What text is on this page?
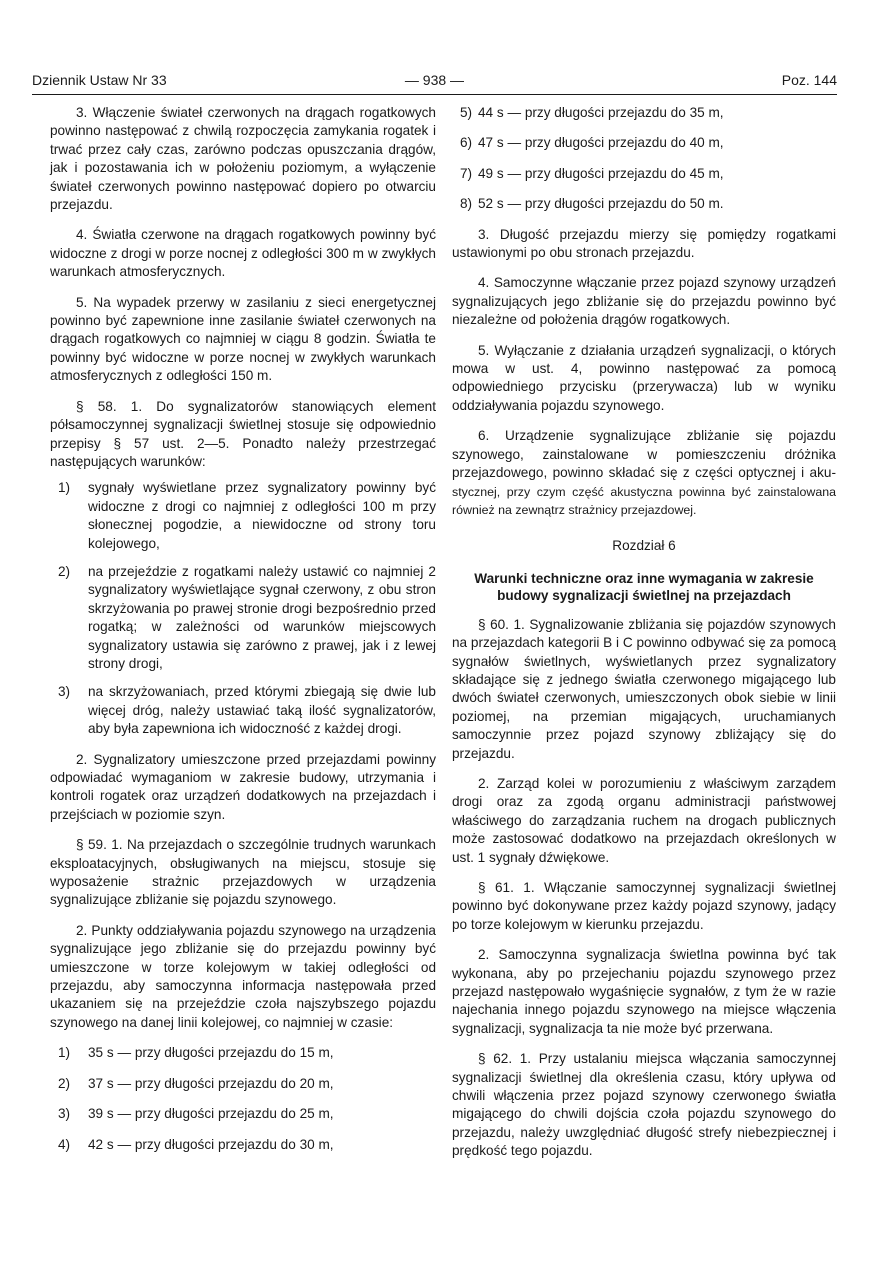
Dziennik Ustaw Nr 33	— 938 —	Poz. 144

3. Włączenie świateł czerwonych na drągach rogatkowych powinno następować z chwilą rozpoczęcia zamykania rogatek i trwać przez cały czas, zarówno podczas opuszczania drągów, jak i pozostawania ich w położeniu poziomym, a wyłączenie świateł czerwonych powinno następować dopiero po otwarciu przejazdu.

4. Światła czerwone na drągach rogatkowych powinny być widoczne z drogi w porze nocnej z odległości 300 m w zwykłych warunkach atmosferycznych.

5. Na wypadek przerwy w zasilaniu z sieci energetycznej powinno być zapewnione inne zasilanie świateł czerwonych na drągach rogatkowych co najmniej w ciągu 8 godzin. Światła te powinny być widoczne w porze nocnej w zwykłych warunkach atmosferycznych z odległości 150 m.

§ 58. 1. Do sygnalizatorów stanowiących element półsamoczynnej sygnalizacji świetlnej stosuje się odpowiednio przepisy § 57 ust. 2—5. Ponadto należy przestrzegać następujących warunków:

1) sygnały wyświetlane przez sygnalizatory powinny być widoczne z drogi co najmniej z odległości 100 m przy słonecznej pogodzie, a niewidoczne od strony toru kolejowego,
2) na przejeździe z rogatkami należy ustawić co najmniej 2 sygnalizatory wyświetlające sygnał czerwony, z obu stron skrzyżowania po prawej stronie drogi bezpośrednio przed rogatką; w zależności od warunków miejscowych sygnalizatory ustawia się zarówno z prawej, jak i z lewej strony drogi,
3) na skrzyżowaniach, przed którymi zbiegają się dwie lub więcej dróg, należy ustawiać taką ilość sygnalizatorów, aby była zapewniona ich widoczność z każdej drogi.

2. Sygnalizatory umieszczone przed przejazdami powinny odpowiadać wymaganiom w zakresie budowy, utrzymania i kontroli rogatek oraz urządzeń dodatkowych na przejazdach i przejściach w poziomie szyn.

§ 59. 1. Na przejazdach o szczególnie trudnych warunkach eksploatacyjnych, obsługiwanych na miejscu, stosuje się wyposażenie strażnic przejazdowych w urządzenia sygnalizujące zbliżanie się pojazdu szynowego.

2. Punkty oddziaływania pojazdu szynowego na urządzenia sygnalizujące jego zbliżanie się do przejazdu powinny być umieszczone w torze kolejowym w takiej odległości od przejazdu, aby samoczynna informacja następowała przed ukazaniem się na przejeździe czoła najszybszego pojazdu szynowego na danej linii kolejowej, co najmniej w czasie:

1) 35 s — przy długości przejazdu do 15 m,
2) 37 s — przy długości przejazdu do 20 m,
3) 39 s — przy długości przejazdu do 25 m,
4) 42 s — przy długości przejazdu do 30 m,
5) 44 s — przy długości przejazdu do 35 m,
6) 47 s — przy długości przejazdu do 40 m,
7) 49 s — przy długości przejazdu do 45 m,
8) 52 s — przy długości przejazdu do 50 m.

3. Długość przejazdu mierzy się pomiędzy rogatkami ustawionymi po obu stronach przejazdu.

4. Samoczynne włączanie przez pojazd szynowy urządzeń sygnalizujących jego zbliżanie się do przejazdu powinno być niezależne od położenia drągów rogatkowych.

5. Wyłączanie z działania urządzeń sygnalizacji, o których mowa w ust. 4, powinno następować za pomocą odpowiedniego przycisku (przerywacza) lub w wyniku oddziaływania pojazdu szynowego.

6. Urządzenie sygnalizujące zbliżanie się pojazdu szynowego, zainstalowane w pomieszczeniu dróżnika przejazdowego, powinno składać się z części optycznej i aku-stycznej, przy czym część akustyczna powinna być zainstalowana również na zewnątrz strażnicy przejazdowej.

Rozdział 6
Warunki techniczne oraz inne wymagania w zakresie budowy sygnalizacji świetlnej na przejazdach

§ 60. 1. Sygnalizowanie zbliżania się pojazdów szynowych na przejazdach kategorii B i C powinno odbywać się za pomocą sygnałów świetlnych, wyświetlanych przez sygnalizatory składające się z jednego światła czerwonego migającego lub dwóch świateł czerwonych, umieszczonych obok siebie w linii poziomej, na przemian migających, uruchamianych samoczynnie przez pojazd szynowy zbliżający się do przejazdu.

2. Zarząd kolei w porozumieniu z właściwym zarządem drogi oraz za zgodą organu administracji państwowej właściwego do zarządzania ruchem na drogach publicznych może zastosować dodatkowo na przejazdach określonych w ust. 1 sygnały dźwiękowe.

§ 61. 1. Włączanie samoczynnej sygnalizacji świetlnej powinno być dokonywane przez każdy pojazd szynowy, jadący po torze kolejowym w kierunku przejazdu.

2. Samoczynna sygnalizacja świetlna powinna być tak wykonana, aby po przejechaniu pojazdu szynowego przez przejazd następowało wygaśnięcie sygnałów, z tym że w razie najechania innego pojazdu szynowego na miejsce włączenia sygnalizacji, sygnalizacja ta nie może być przerwana.

§ 62. 1. Przy ustalaniu miejsca włączania samoczynnej sygnalizacji świetlnej dla określenia czasu, który upływa od chwili włączenia przez pojazd szynowy czerwonego światła migającego do chwili dojścia czoła pojazdu szynowego do przejazdu, należy uwzględniać długość strefy niebezpiecznej i prędkość tego pojazdu.
